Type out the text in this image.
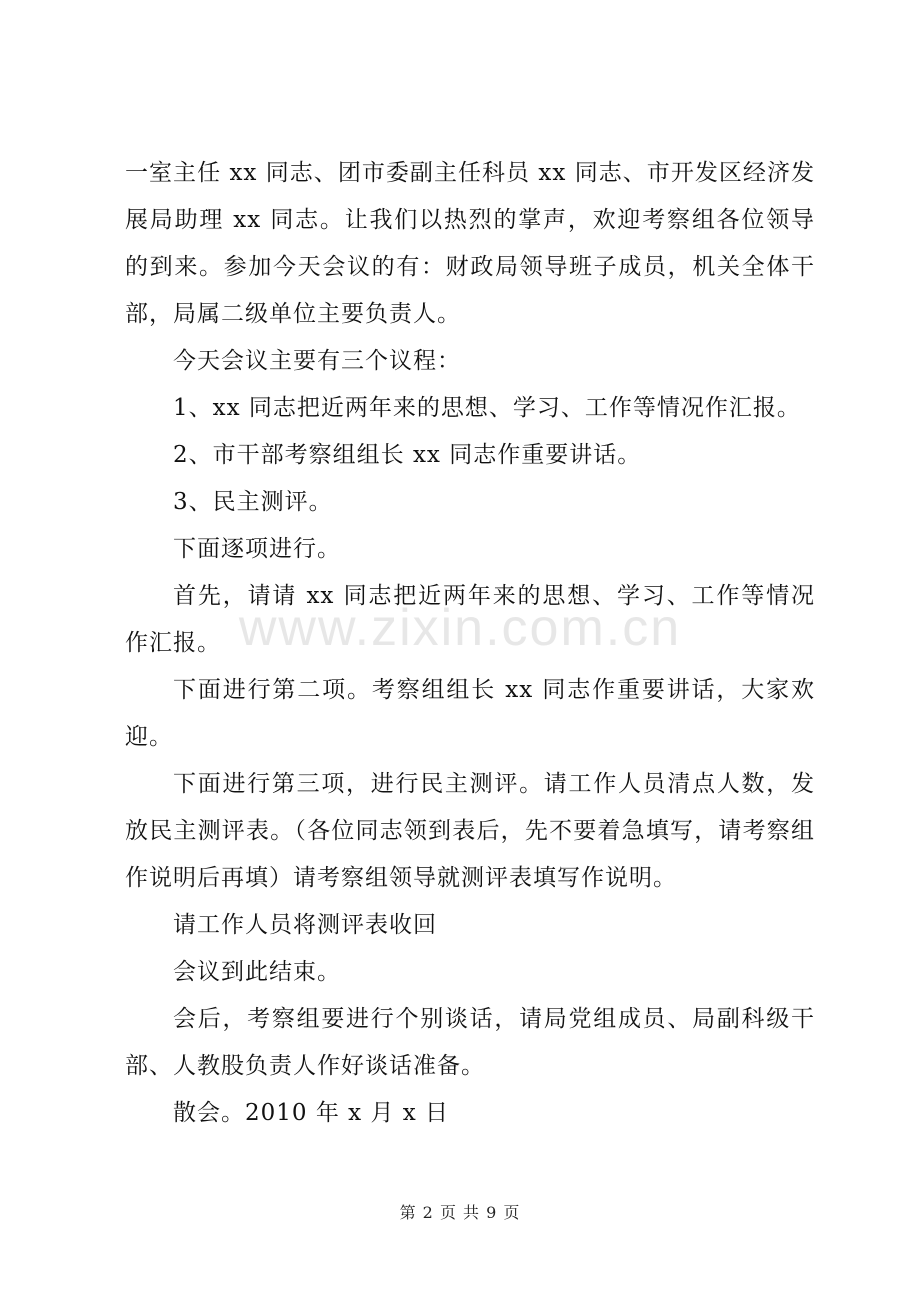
一室主任 xx 同志、团市委副主任科员 xx 同志、市开发区经济发展局助理 xx 同志。让我们以热烈的掌声，欢迎考察组各位领导的到来。参加今天会议的有：财政局领导班子成员，机关全体干部，局属二级单位主要负责人。

今天会议主要有三个议程：

1、xx 同志把近两年来的思想、学习、工作等情况作汇报。

2、市干部考察组组长 xx 同志作重要讲话。

3、民主测评。

下面逐项进行。

首先，请请 xx 同志把近两年来的思想、学习、工作等情况作汇报。

下面进行第二项。考察组组长 xx 同志作重要讲话，大家欢迎。

下面进行第三项，进行民主测评。请工作人员清点人数，发放民主测评表。（各位同志领到表后，先不要着急填写，请考察组作说明后再填）请考察组领导就测评表填写作说明。

请工作人员将测评表收回

会议到此结束。

会后，考察组要进行个别谈话，请局党组成员、局副科级干部、人教股负责人作好谈话准备。

散会。2010 年 x 月 x 日

www.zixin.com.cn
第 2 页 共 9 页
